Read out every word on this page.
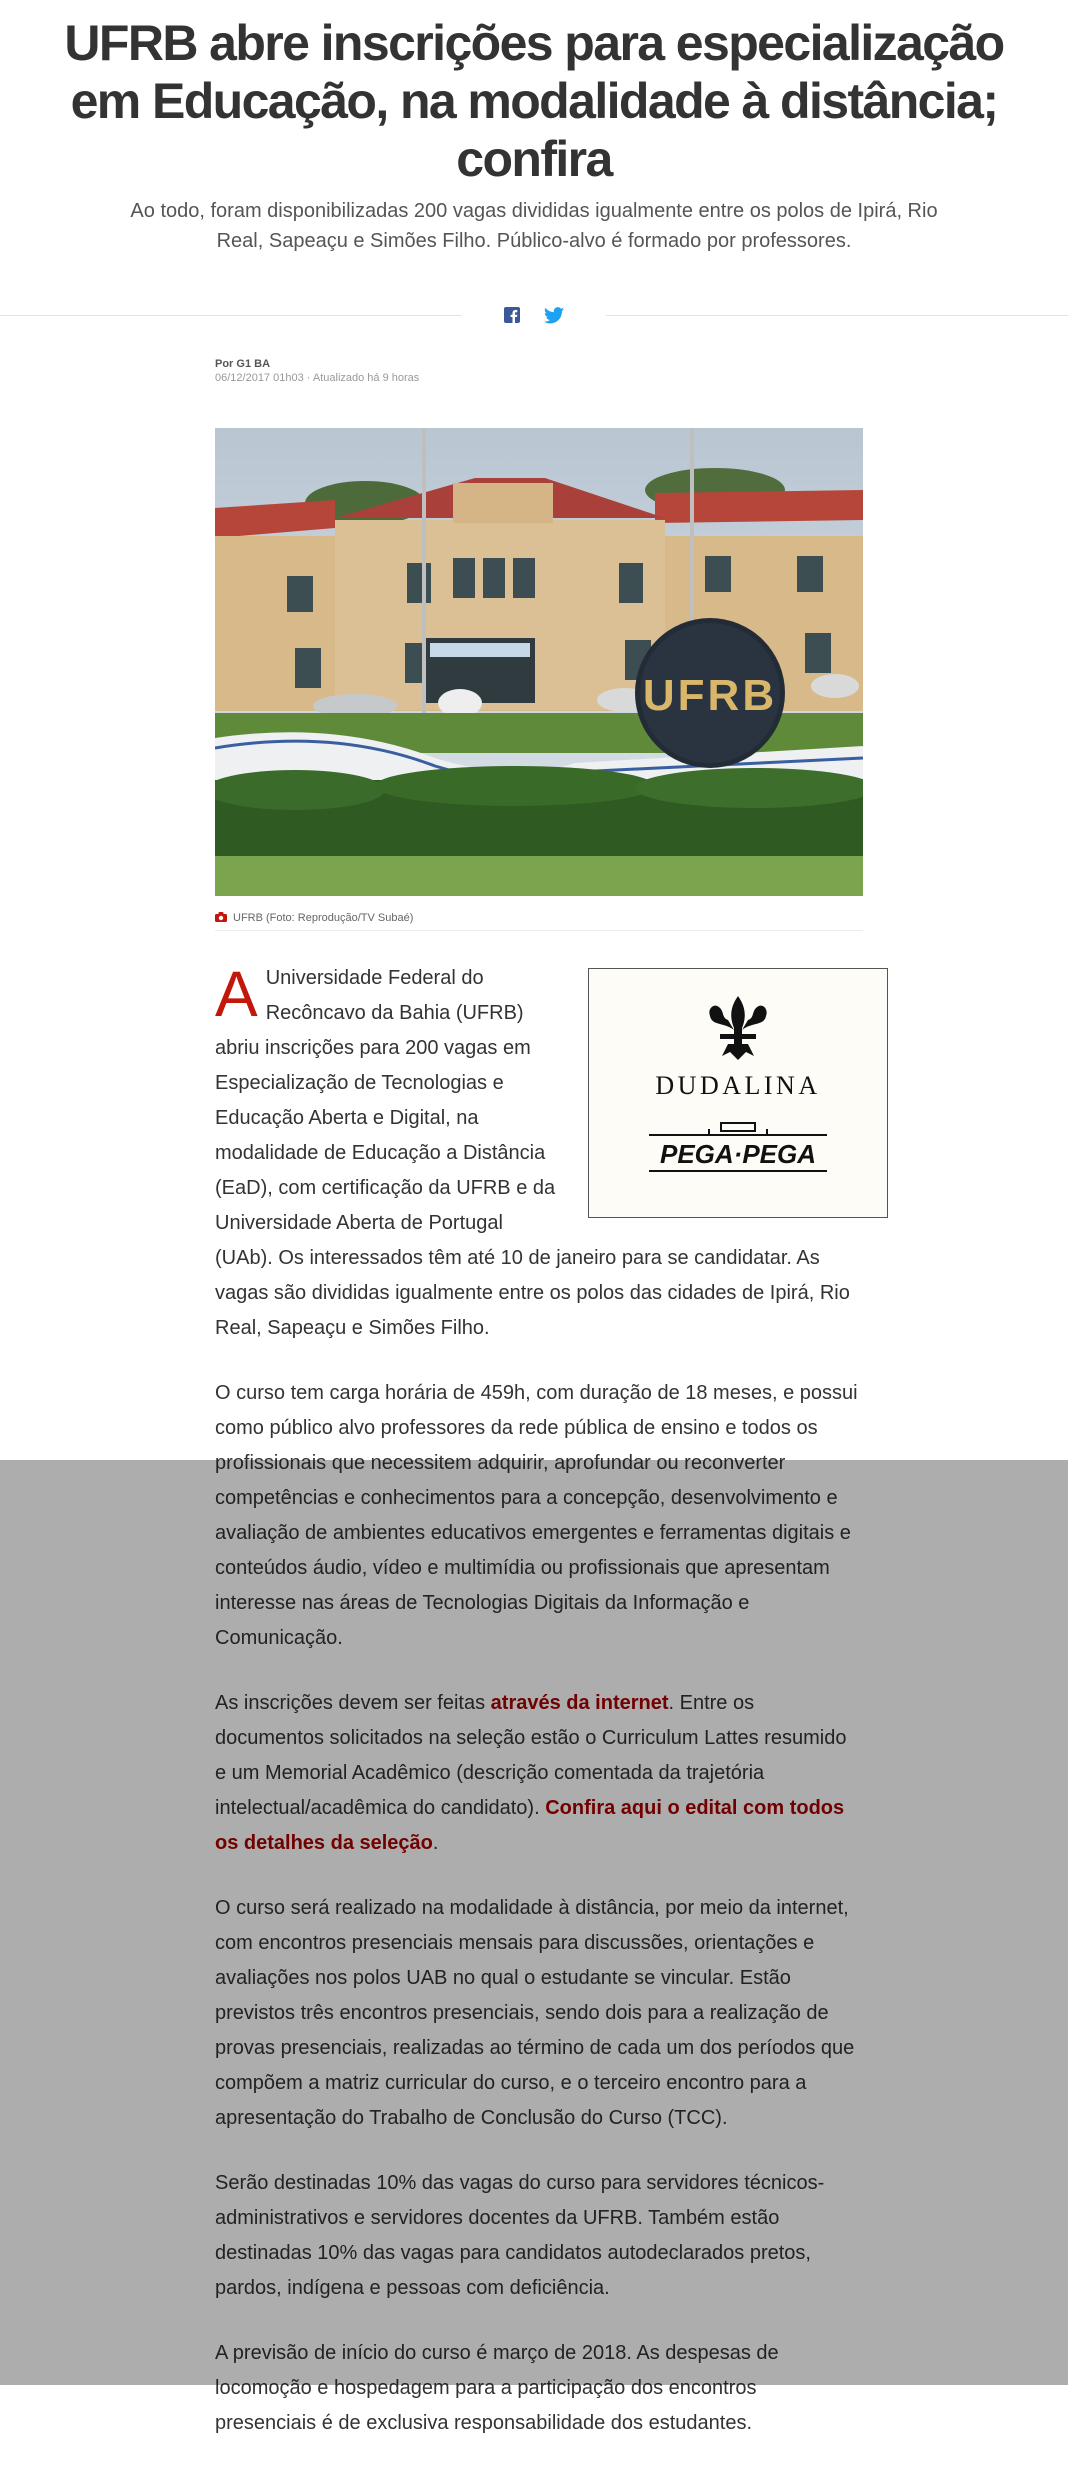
UFRB abre inscrições para especialização em Educação, na modalidade à distância; confira

Ao todo, foram disponibilizadas 200 vagas divididas igualmente entre os polos de Ipirá, Rio Real, Sapeaçu e Simões Filho. Público-alvo é formado por professores.

Por G1 BA
06/12/2017 01h03 · Atualizado há 9 horas
UFRB
UFRB (Foto: Reprodução/TV Subaé)

DUDALINA
PEGA·PEGA
A Universidade Federal do Recôncavo da Bahia (UFRB) abriu inscrições para 200 vagas em Especialização de Tecnologias e Educação Aberta e Digital, na modalidade de Educação a Distância (EaD), com certificação da UFRB e da Universidade Aberta de Portugal (UAb). Os interessados têm até 10 de janeiro para se candidatar. As vagas são divididas igualmente entre os polos das cidades de Ipirá, Rio Real, Sapeaçu e Simões Filho.

O curso tem carga horária de 459h, com duração de 18 meses, e possui como público alvo professores da rede pública de ensino e todos os profissionais que necessitem adquirir, aprofundar ou reconverter competências e conhecimentos para a concepção, desenvolvimento e avaliação de ambientes educativos emergentes e ferramentas digitais e conteúdos áudio, vídeo e multimídia ou profissionais que apresentam interesse nas áreas de Tecnologias Digitais da Informação e Comunicação.

As inscrições devem ser feitas através da internet. Entre os documentos solicitados na seleção estão o Curriculum Lattes resumido e um Memorial Acadêmico (descrição comentada da trajetória intelectual/acadêmica do candidato). Confira aqui o edital com todos os detalhes da seleção.

O curso será realizado na modalidade à distância, por meio da internet, com encontros presenciais mensais para discussões, orientações e avaliações nos polos UAB no qual o estudante se vincular. Estão previstos três encontros presenciais, sendo dois para a realização de provas presenciais, realizadas ao término de cada um dos períodos que compõem a matriz curricular do curso, e o terceiro encontro para a apresentação do Trabalho de Conclusão do Curso (TCC).

Serão destinadas 10% das vagas do curso para servidores técnicos-administrativos e servidores docentes da UFRB. Também estão destinadas 10% das vagas para candidatos autodeclarados pretos, pardos, indígena e pessoas com deficiência.

A previsão de início do curso é março de 2018. As despesas de locomoção e hospedagem para a participação dos encontros presenciais é de exclusiva responsabilidade dos estudantes.
